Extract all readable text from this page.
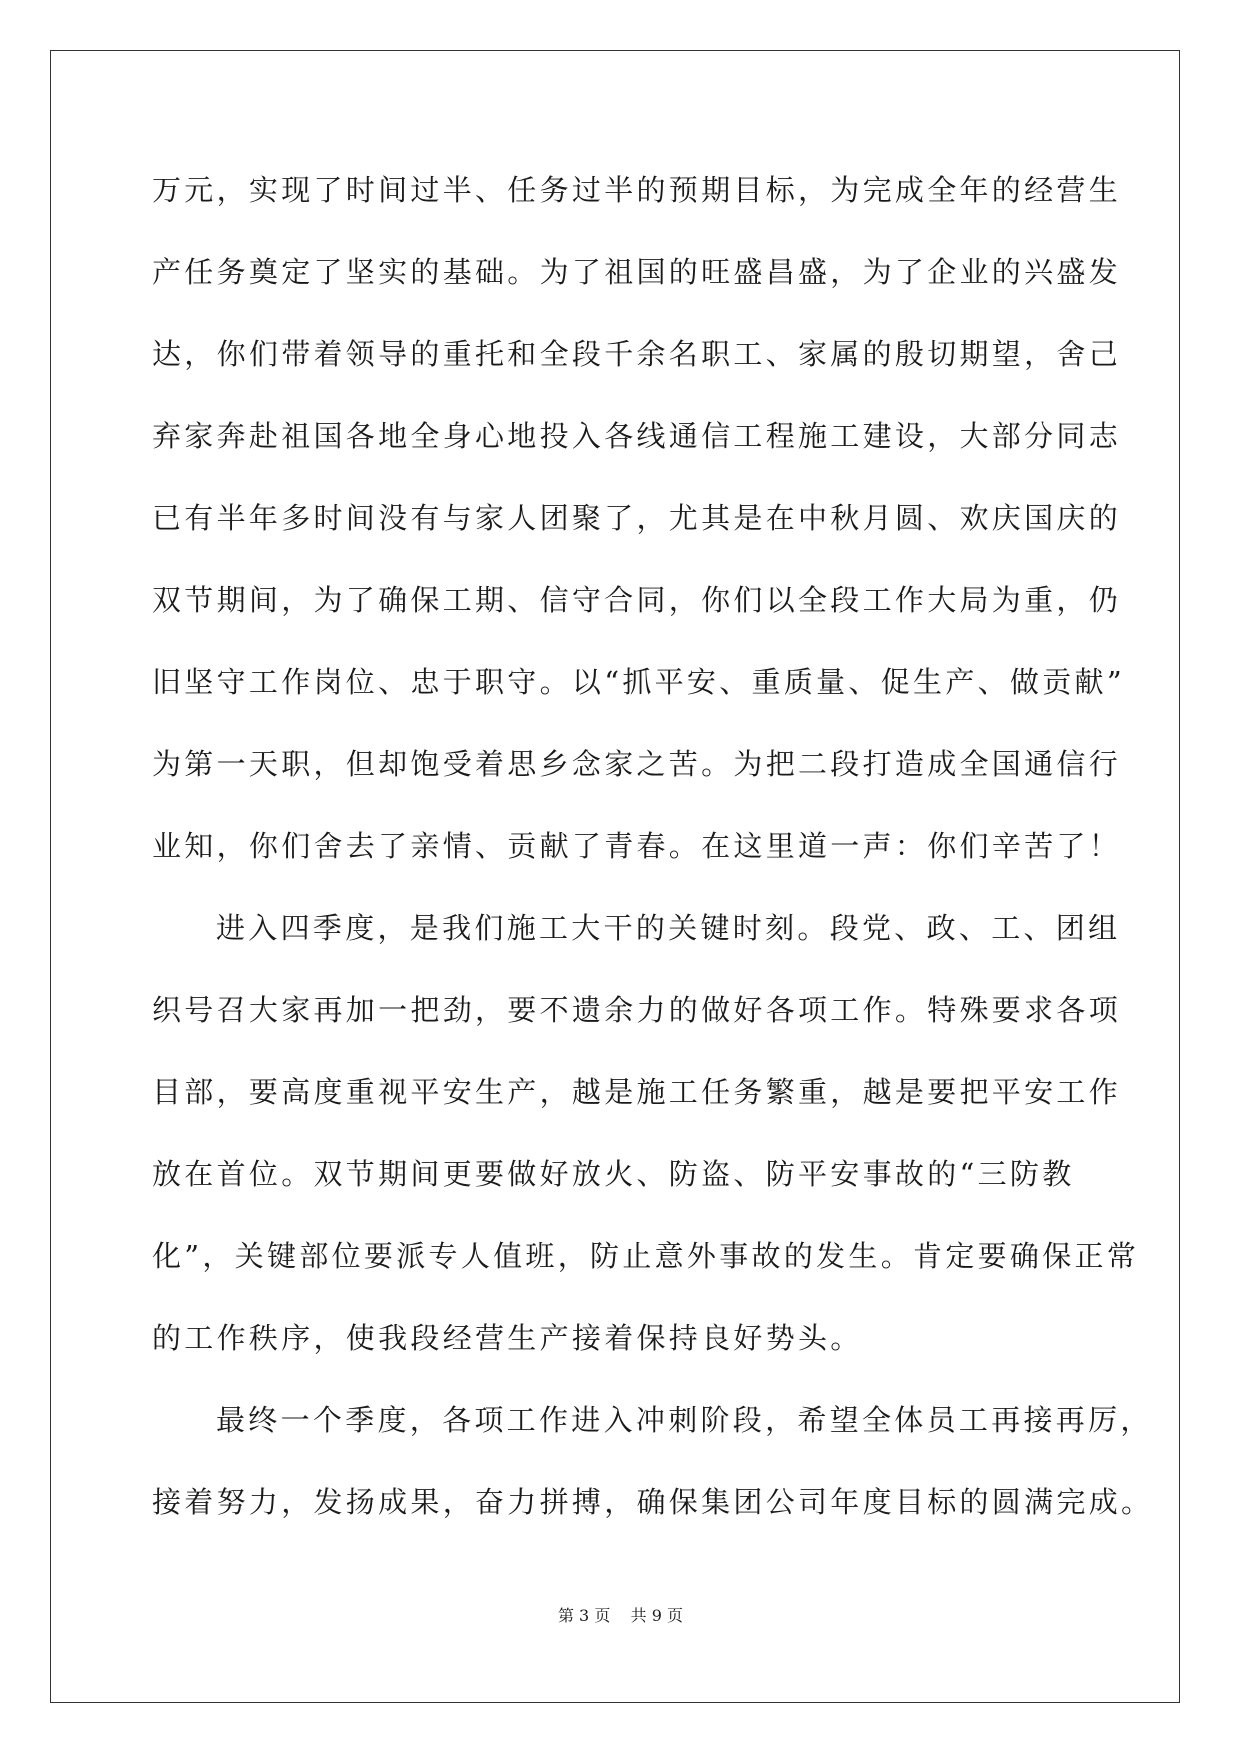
万元，实现了时间过半、任务过半的预期目标，为完成全年的经营生
产任务奠定了坚实的基础。为了祖国的旺盛昌盛，为了企业的兴盛发
达，你们带着领导的重托和全段千余名职工、家属的殷切期望，舍己
弃家奔赴祖国各地全身心地投入各线通信工程施工建设，大部分同志
已有半年多时间没有与家人团聚了，尤其是在中秋月圆、欢庆国庆的
双节期间，为了确保工期、信守合同，你们以全段工作大局为重，仍
旧坚守工作岗位、忠于职守。以“抓平安、重质量、促生产、做贡献”
为第一天职，但却饱受着思乡念家之苦。为把二段打造成全国通信行
业知，你们舍去了亲情、贡献了青春。在这里道一声：你们辛苦了！
进入四季度，是我们施工大干的关键时刻。段党、政、工、团组
织号召大家再加一把劲，要不遗余力的做好各项工作。特殊要求各项
目部，要高度重视平安生产，越是施工任务繁重，越是要把平安工作
放在首位。双节期间更要做好放火、防盗、防平安事故的“三防教
化”，关键部位要派专人值班，防止意外事故的发生。肯定要确保正常
的工作秩序，使我段经营生产接着保持良好势头。
最终一个季度，各项工作进入冲刺阶段，希望全体员工再接再厉，
接着努力，发扬成果，奋力拼搏，确保集团公司年度目标的圆满完成。
第 3 页    共 9 页
